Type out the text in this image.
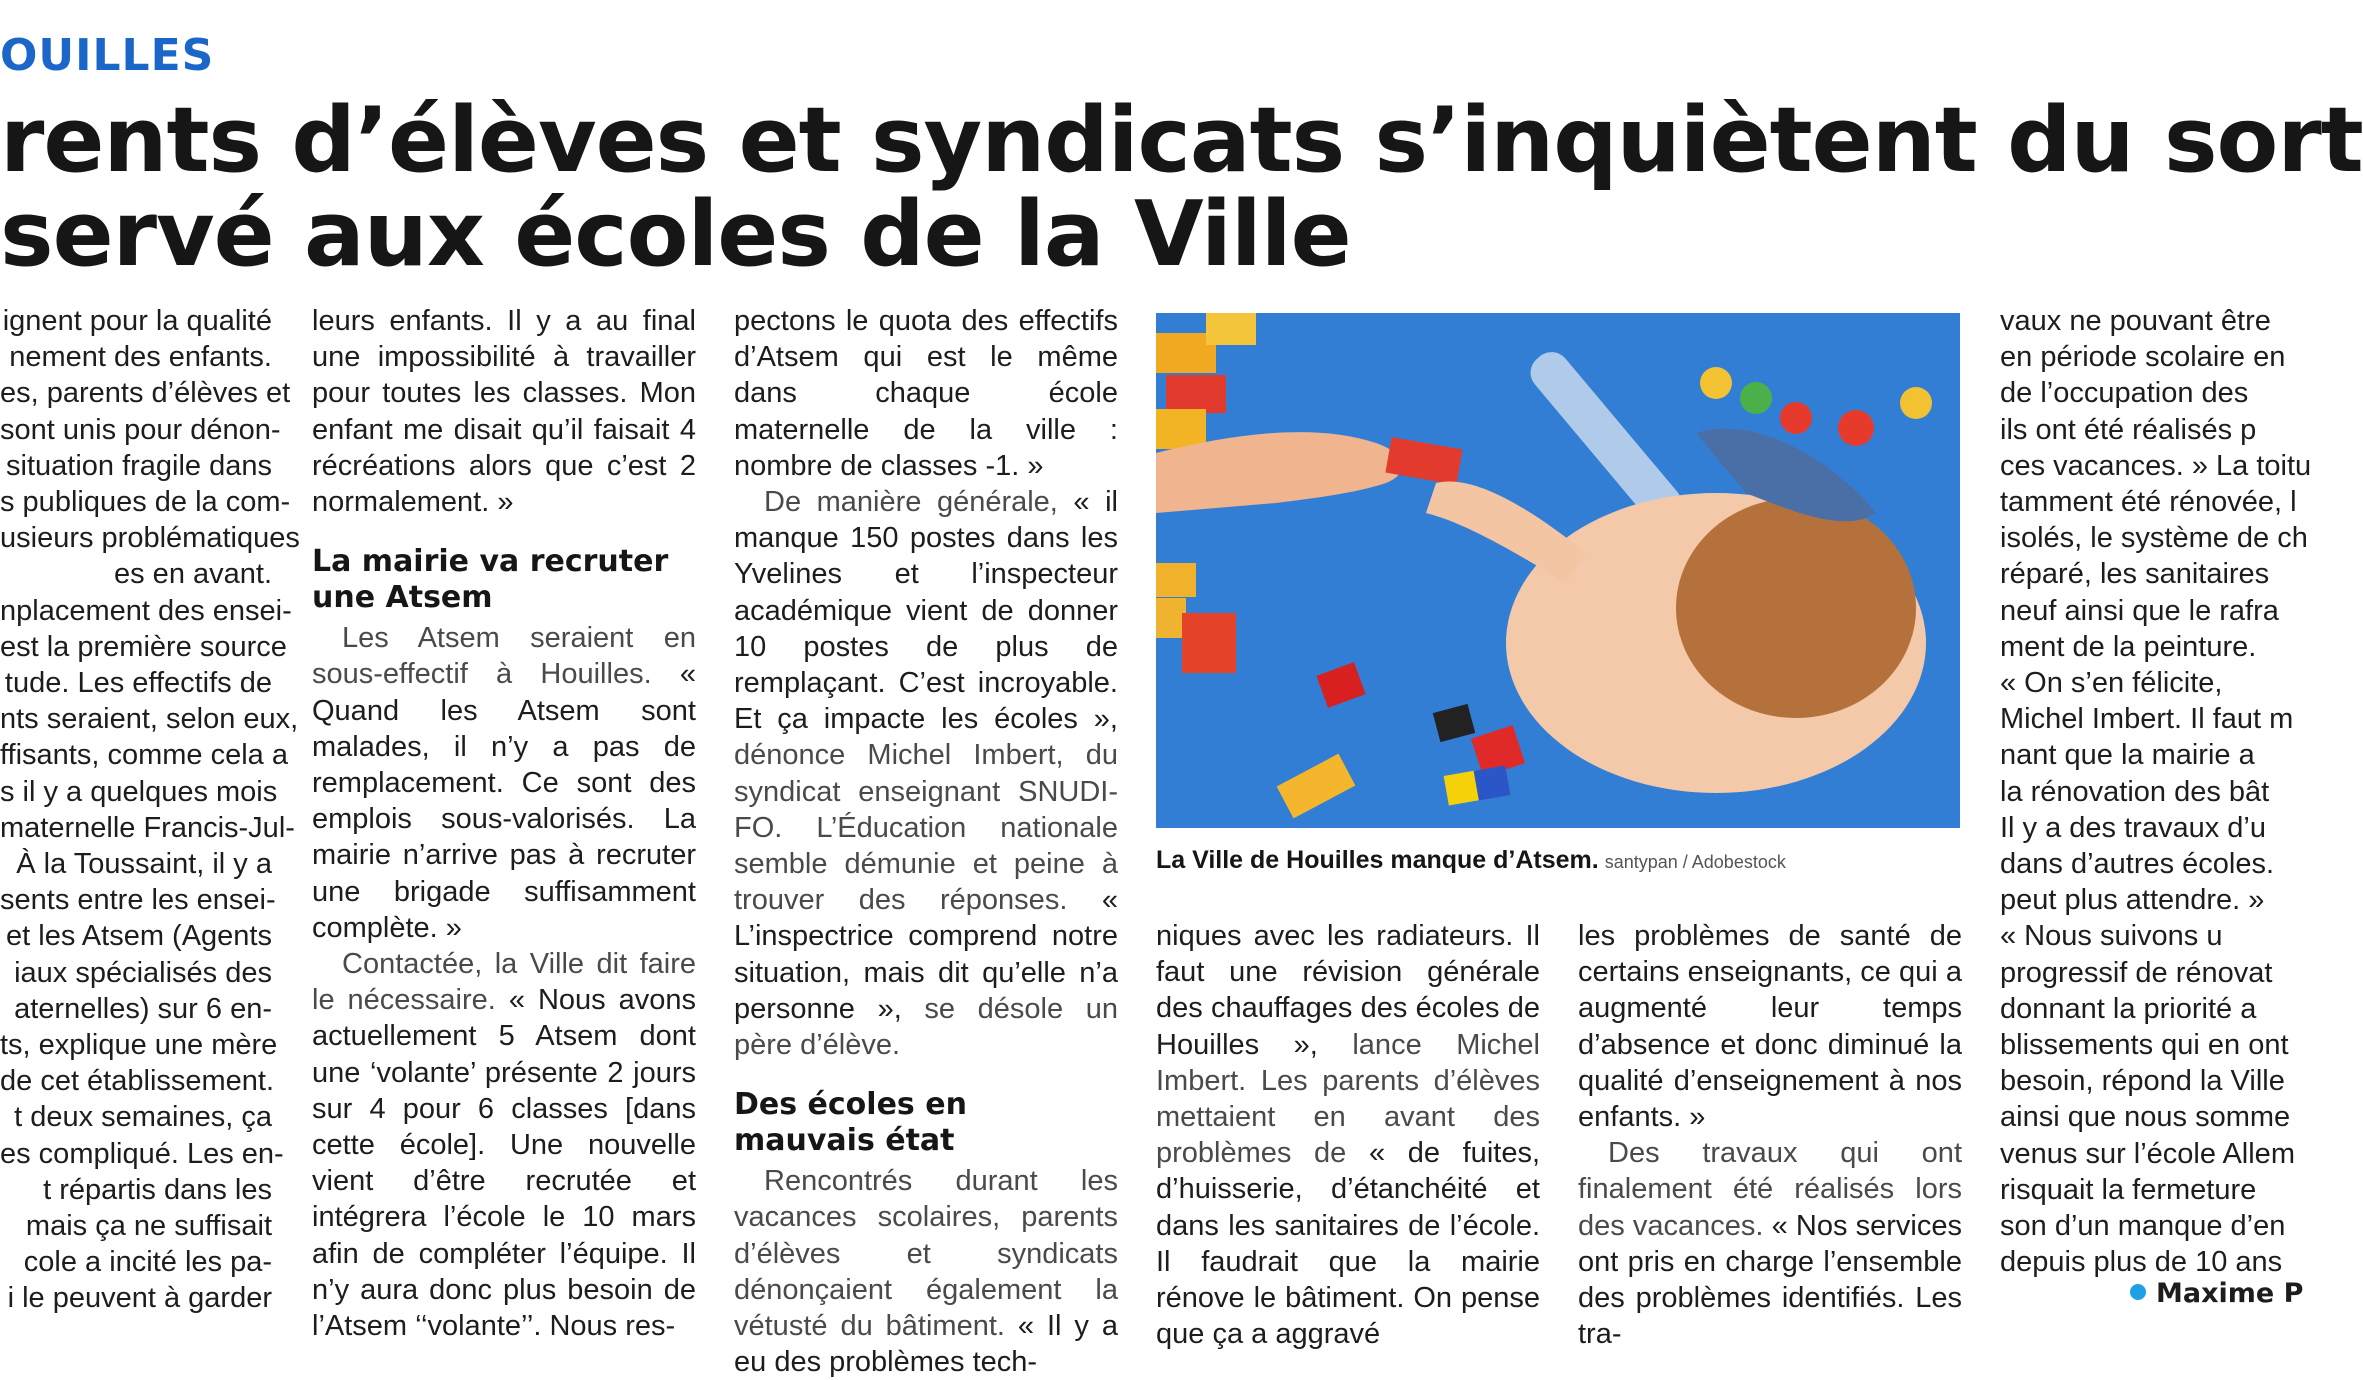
OUILLES
rents d’élèves et syndicats s’inquiètent du sort
servé aux écoles de la Ville
ignent pour la qualité
nement des enfants.
es, parents d’élèves et
sont unis pour dénon-
situation fragile dans
s publiques de la com-
usieurs problématiques
es en avant.
nplacement des ensei-
est la première source
tude. Les effectifs de
nts seraient, selon eux,
ffisants, comme cela a
s il y a quelques mois
maternelle Francis-Jul-
À la Toussaint, il y a
sents entre les ensei-
et les Atsem (Agents
iaux spécialisés des
aternelles) sur 6 en-
ts, explique une mère
de cet établissement.
t deux semaines, ça
es compliqué. Les en-
t répartis dans les
mais ça ne suffisait
cole a incité les pa-
i le peuvent à garder

leurs enfants. Il y a au final une impossibilité à travailler pour toutes les classes. Mon enfant me disait qu’il faisait 4 récréations alors que c’est 2 normalement. »

La mairie va recruter une Atsem

Les Atsem seraient en sous-effectif à Houilles. « Quand les Atsem sont malades, il n’y a pas de remplacement. Ce sont des emplois sous-valorisés. La mairie n’arrive pas à recruter une brigade suffisamment complète. »

Contactée, la Ville dit faire le nécessaire. « Nous avons actuellement 5 Atsem dont une ‘volante’ présente 2 jours sur 4 pour 6 classes [dans cette école]. Une nouvelle vient d’être recrutée et intégrera l’école le 10 mars afin de compléter l’équipe. Il n’y aura donc plus besoin de l’Atsem ‘‘volante’’. Nous res-

pectons le quota des effectifs d’Atsem qui est le même dans chaque école maternelle de la ville : nombre de classes -1. »

De manière générale, « il manque 150 postes dans les Yvelines et l’inspecteur académique vient de donner 10 postes de plus de remplaçant. C’est incroyable. Et ça impacte les écoles », dénonce Michel Imbert, du syndicat enseignant SNUDI-FO. L’Éducation nationale semble démunie et peine à trouver des réponses. « L’inspectrice comprend notre situation, mais dit qu’elle n’a personne », se désole un père d’élève.

Des écoles en mauvais état

Rencontrés durant les vacances scolaires, parents d’élèves et syndicats dénonçaient également la vétusté du bâtiment. « Il y a eu des problèmes tech-

La Ville de Houilles manque d’Atsem. santypan / Adobestock

niques avec les radiateurs. Il faut une révision générale des chauffages des écoles de Houilles », lance Michel Imbert. Les parents d’élèves mettaient en avant des problèmes de « de fuites, d’huisserie, d’étanchéité et dans les sanitaires de l’école. Il faudrait que la mairie rénove le bâtiment. On pense que ça a aggravé

les problèmes de santé de certains enseignants, ce qui a augmenté leur temps d’absence et donc diminué la qualité d’enseignement à nos enfants. »

Des travaux qui ont finalement été réalisés lors des vacances. « Nos services ont pris en charge l’ensemble des problèmes identifiés. Les tra-

vaux ne pouvant être
en période scolaire en
de l’occupation des
ils ont été réalisés p
ces vacances. » La toitu
tamment été rénovée, l
isolés, le système de ch
réparé, les sanitaires
neuf ainsi que le rafra
ment de la peinture.
« On s’en félicite,
Michel Imbert. Il faut m
nant que la mairie a
la rénovation des bât
Il y a des travaux d’u
dans d’autres écoles.
peut plus attendre. »
« Nous suivons u
progressif de rénovat
donnant la priorité a
blissements qui en ont
besoin, répond la Ville
ainsi que nous somme
venus sur l’école Allem
risquait la fermeture
son d’un manque d’en
depuis plus de 10 ans
Maxime P
